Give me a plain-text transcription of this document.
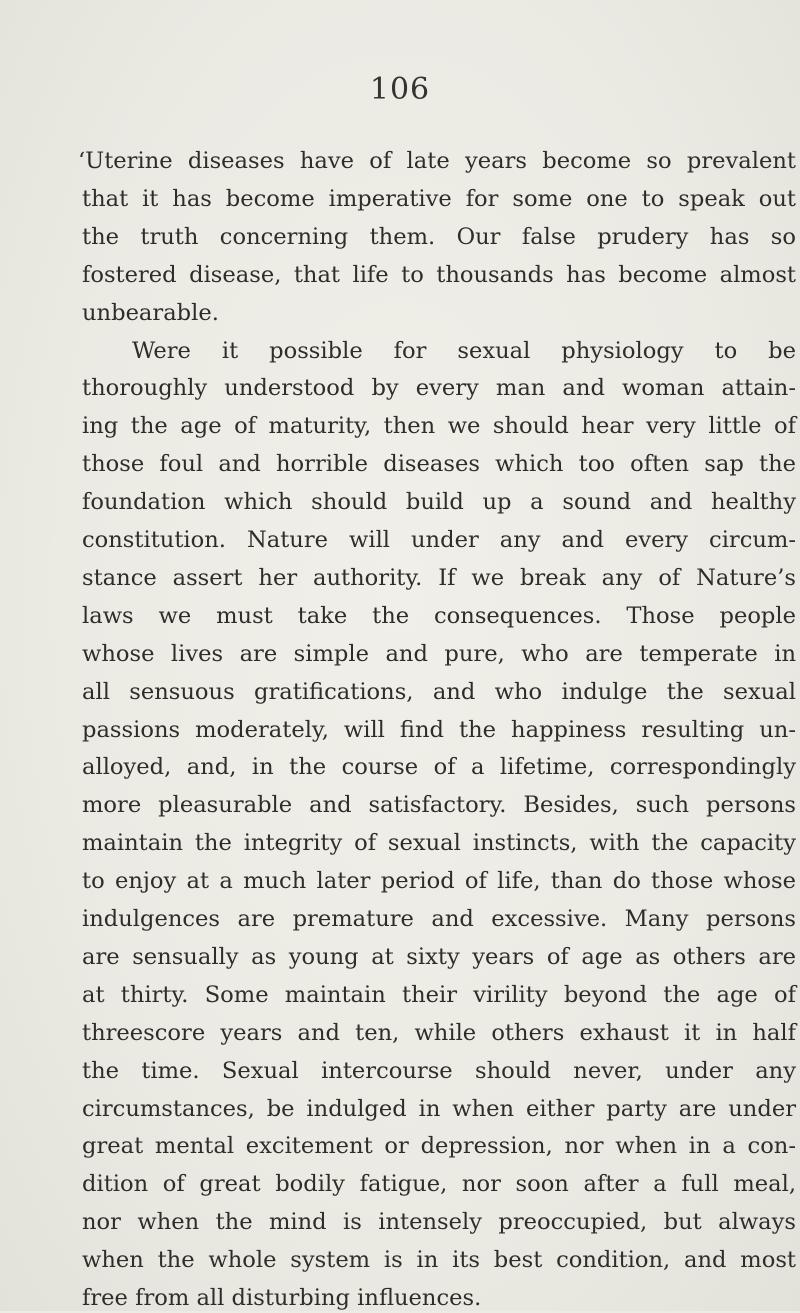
106
‘Uterine diseases have of late years become so prevalent
that it has become imperative for some one to speak out
the truth concerning them. Our false prudery has so
fostered disease, that life to thousands has become almost
unbearable.
Were it possible for sexual physiology to be
thoroughly understood by every man and woman attain-
ing the age of maturity, then we should hear very little of
those foul and horrible diseases which too often sap the
foundation which should build up a sound and healthy
constitution. Nature will under any and every circum-
stance assert her authority. If we break any of Nature’s
laws we must take the consequences. Those people
whose lives are simple and pure, who are temperate in
all sensuous gratifications, and who indulge the sexual
passions moderately, will find the happiness resulting un-
alloyed, and, in the course of a lifetime, correspondingly
more pleasurable and satisfactory. Besides, such persons
maintain the integrity of sexual instincts, with the capacity
to enjoy at a much later period of life, than do those whose
indulgences are premature and excessive. Many persons
are sensually as young at sixty years of age as others are
at thirty. Some maintain their virility beyond the age of
threescore years and ten, while others exhaust it in half
the time. Sexual intercourse should never, under any
circumstances, be indulged in when either party are under
great mental excitement or depression, nor when in a con-
dition of great bodily fatigue, nor soon after a full meal,
nor when the mind is intensely preoccupied, but always
when the whole system is in its best condition, and most
free from all disturbing influences.
